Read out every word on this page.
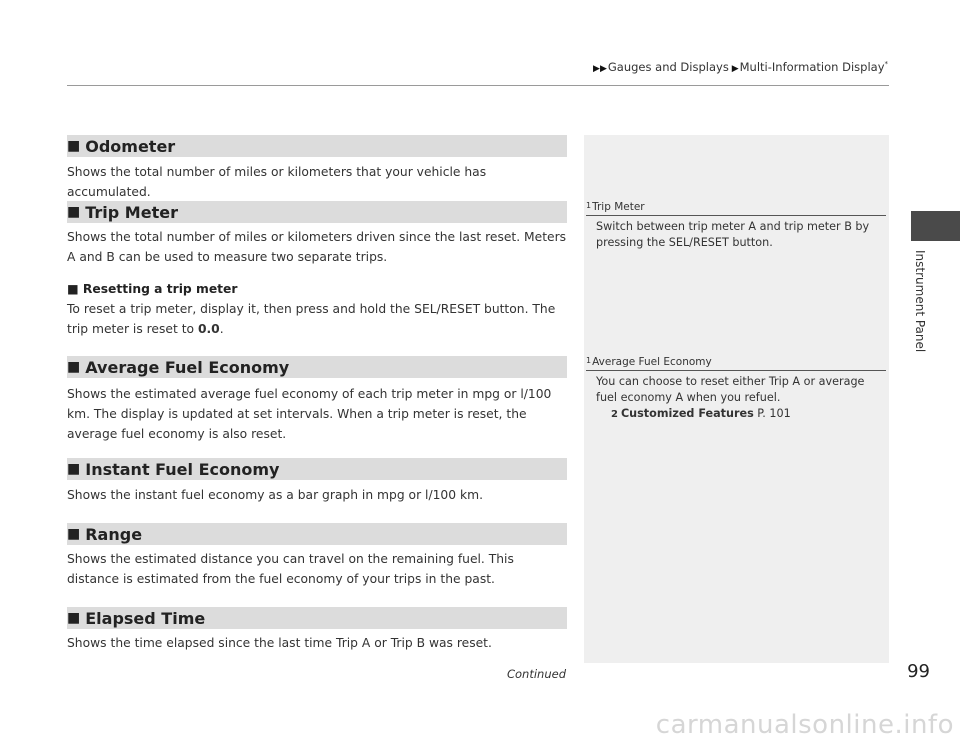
▶▶Gauges and Displays ▶Multi-Information Display*
Instrument Panel
■ Odometer
Shows the total number of miles or kilometers that your vehicle has accumulated.
■ Trip Meter
Shows the total number of miles or kilometers driven since the last reset. Meters A and B can be used to measure two separate trips.
■ Resetting a trip meter
To reset a trip meter, display it, then press and hold the SEL/RESET button. The trip meter is reset to 0.0.
■ Average Fuel Economy
Shows the estimated average fuel economy of each trip meter in mpg or l/100 km. The display is updated at set intervals. When a trip meter is reset, the average fuel economy is also reset.
■ Instant Fuel Economy
Shows the instant fuel economy as a bar graph in mpg or l/100 km.
■ Range
Shows the estimated distance you can travel on the remaining fuel. This distance is estimated from the fuel economy of your trips in the past.
■ Elapsed Time
Shows the time elapsed since the last time Trip A or Trip B was reset.
$^1$Trip Meter
Switch between trip meter A and trip meter B by pressing the SEL/RESET button.
$^1$Average Fuel Economy
You can choose to reset either Trip A or average fuel economy A when you refuel.
2 Customized Features P. 101
Continued	99
carmanualsonline.info
